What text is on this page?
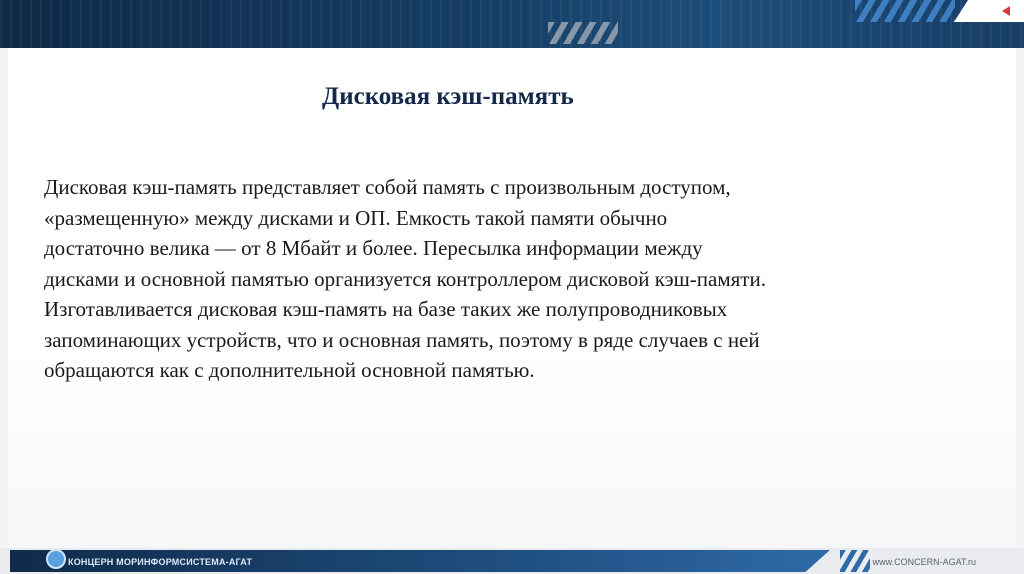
Дисковая кэш-память
Дисковая кэш-память представляет собой память с произвольным доступом,
«размещенную» между дисками и ОП. Емкость такой памяти обычно
достаточно велика — от 8 Мбайт и более. Пересылка информации между
дисками и основной памятью организуется контроллером дисковой кэш-памяти.
Изготавливается дисковая кэш-память на базе таких же полупроводниковых
запоминающих устройств, что и основная память, поэтому в ряде случаев с ней
обращаются как с дополнительной основной памятью.
КОНЦЕРН МОРИНФОРМСИСТЕМА-АГАТ	www.CONCERN-AGAT.ru
